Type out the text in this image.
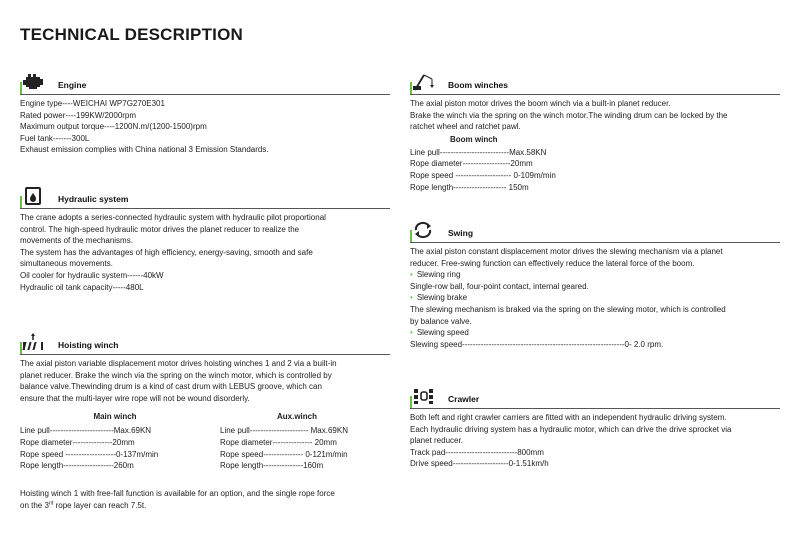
TECHNICAL DESCRIPTION
Engine

Engine type----WEICHAI WP7G270E301

Rated power----199KW/2000rpm

Maximum output torque----1200N.m/(1200-1500)rpm

Fuel tank-------300L

Exhaust emission complies with China national 3 Emission Standards.

Hydraulic system

The crane adopts a series-connected hydraulic system with hydraulic pilot proportional

control. The high-speed hydraulic motor drives the planet reducer to realize the

movements of the mechanisms.

The system has the advantages of high efficiency, energy-saving, smooth and safe

simultaneous movements.

Oil cooler for hydraulic system------40kW

Hydraulic oil tank capacity-----480L

Hoisting winch

The axial piston variable displacement motor drives hoisting winches 1 and 2 via a built-in

planet reducer. Brake the winch via the spring on the winch motor, which is controlled by

balance valve.Thewinding drum is a kind of cast drum with LEBUS groove, which can

ensure that the multi-layer wire rope will not be wound disorderly.

Main winch

Line pull------------------------Max.69KN

Rope diameter---------------20mm

Rope speed -------------------0-137m/min

Rope length-------------------260m

Aux.winch

Line pull---------------------- Max.69KN

Rope diameter--------------- 20mm

Rope speed--------------- 0-121m/min

Rope length---------------160m

Hoisting winch 1 with free-fall function is available for an option, and the single rope force

on the 3rd rope layer can reach 7.5t.

Boom winches

The axial piston motor drives the boom winch via a built-in planet reducer.

Brake the winch via the spring on the winch motor.The winding drum can be locked by the

ratchet wheel and ratchet pawl.

Boom winch

Line pull--------------------------Max.58KN

Rope diameter------------------20mm

Rope speed --------------------- 0-109m/min

Rope length-------------------- 150m

Swing

The axial piston constant displacement motor drives the slewing mechanism via a planet

reducer. Free-swing function can effectively reduce the lateral force of the boom.

• Slewing ring

Single-row ball, four-point contact, internal geared.

• Slewing brake

The slewing mechanism is braked via the spring on the slewing motor, which is controlled

by balance valve.

• Slewing speed

Slewing speed-------------------------------------------------------------0- 2.0 rpm.

Crawler

Both left and right crawler carriers are fitted with an independent hydraulic driving system.

Each hydraulic driving system has a hydraulic motor, which can drive the drive sprocket via

planet reducer.

Track pad---------------------------800mm

Drive speed---------------------0-1.51km/h
